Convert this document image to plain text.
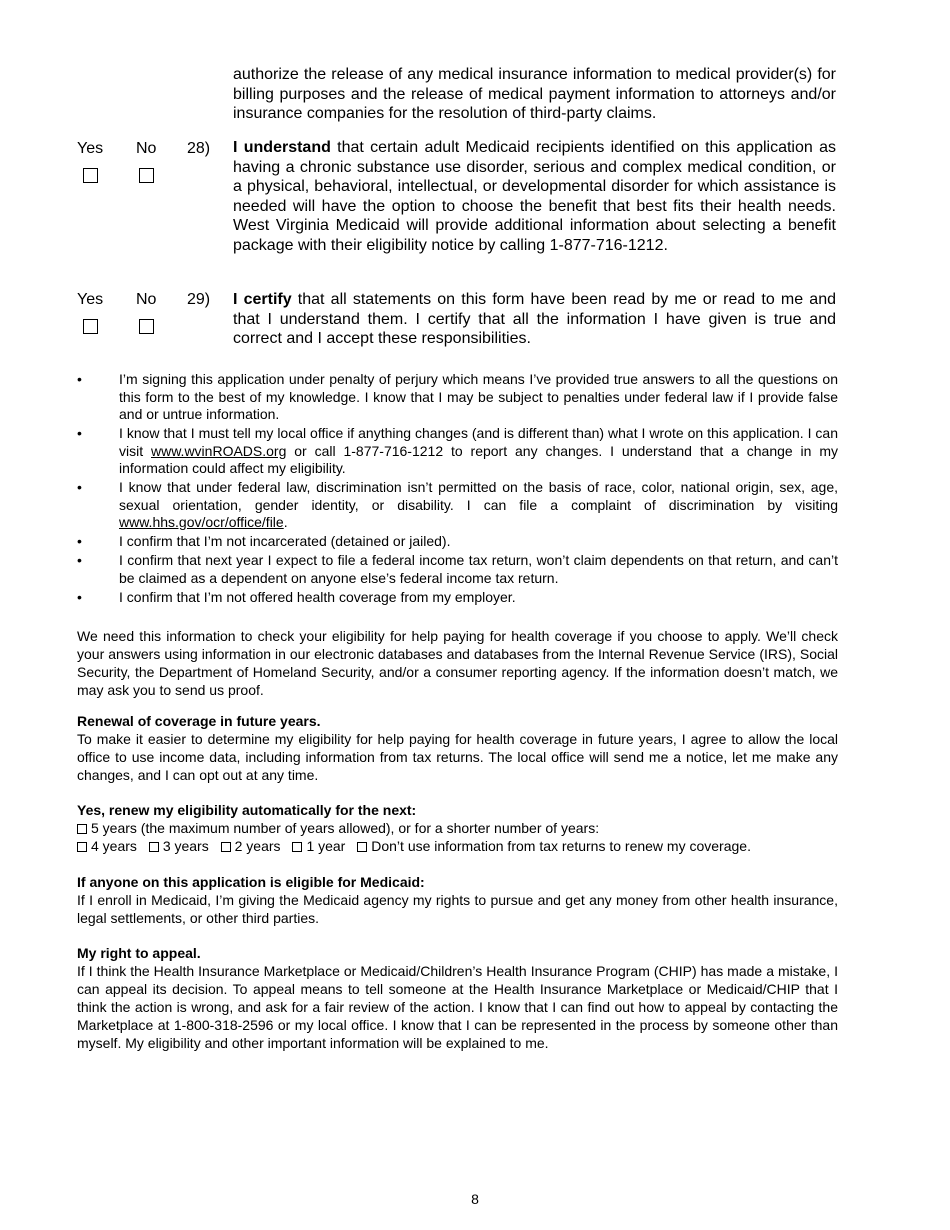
authorize the release of any medical insurance information to medical provider(s) for billing purposes and the release of medical payment information to attorneys and/or insurance companies for the resolution of third-party claims.
Yes No 28) I understand that certain adult Medicaid recipients identified on this application as having a chronic substance use disorder, serious and complex medical condition, or a physical, behavioral, intellectual, or developmental disorder for which assistance is needed will have the option to choose the benefit that best fits their health needs. West Virginia Medicaid will provide additional information about selecting a benefit package with their eligibility notice by calling 1-877-716-1212.
Yes No 29) I certify that all statements on this form have been read by me or read to me and that I understand them. I certify that all the information I have given is true and correct and I accept these responsibilities.
•	I’m signing this application under penalty of perjury which means I’ve provided true answers to all the questions on this form to the best of my knowledge. I know that I may be subject to penalties under federal law if I provide false and or untrue information.
•	I know that I must tell my local office if anything changes (and is different than) what I wrote on this application. I can visit www.wvinROADS.org or call 1-877-716-1212 to report any changes. I understand that a change in my information could affect my eligibility.
•	I know that under federal law, discrimination isn’t permitted on the basis of race, color, national origin, sex, age, sexual orientation, gender identity, or disability. I can file a complaint of discrimination by visiting www.hhs.gov/ocr/office/file.
•	I confirm that I’m not incarcerated (detained or jailed).
•	I confirm that next year I expect to file a federal income tax return, won’t claim dependents on that return, and can’t be claimed as a dependent on anyone else’s federal income tax return.
•	I confirm that I’m not offered health coverage from my employer.
We need this information to check your eligibility for help paying for health coverage if you choose to apply. We’ll check your answers using information in our electronic databases and databases from the Internal Revenue Service (IRS), Social Security, the Department of Homeland Security, and/or a consumer reporting agency. If the information doesn’t match, we may ask you to send us proof.
Renewal of coverage in future years.
To make it easier to determine my eligibility for help paying for health coverage in future years, I agree to allow the local office to use income data, including information from tax returns. The local office will send me a notice, let me make any changes, and I can opt out at any time.
Yes, renew my eligibility automatically for the next:
5 years (the maximum number of years allowed), or for a shorter number of years:
4 years 3 years 2 years 1 year Don’t use information from tax returns to renew my coverage.
If anyone on this application is eligible for Medicaid:
If I enroll in Medicaid, I’m giving the Medicaid agency my rights to pursue and get any money from other health insurance, legal settlements, or other third parties.
My right to appeal.
If I think the Health Insurance Marketplace or Medicaid/Children’s Health Insurance Program (CHIP) has made a mistake, I can appeal its decision. To appeal means to tell someone at the Health Insurance Marketplace or Medicaid/CHIP that I think the action is wrong, and ask for a fair review of the action. I know that I can find out how to appeal by contacting the Marketplace at 1-800-318-2596 or my local office. I know that I can be represented in the process by someone other than myself. My eligibility and other important information will be explained to me.
8
